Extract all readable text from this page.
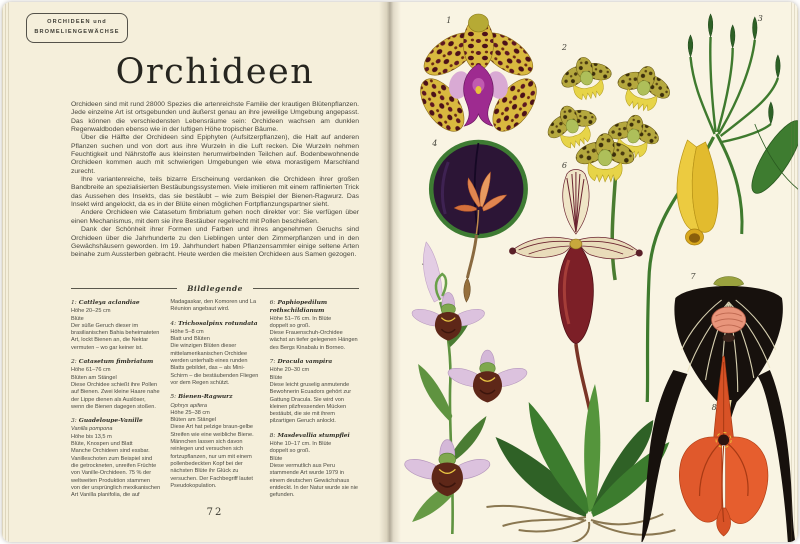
ORCHIDEEN und
BROMELIENGEWÄCHSE
Orchideen

Orchideen sind mit rund 28000 Spezies die artenreichste Familie der krautigen Blütenpflanzen. Jede einzelne Art ist ortsgebunden und äußerst genau an ihre jeweilige Umgebung angepasst. Das können die verschiedensten Lebensräume sein: Orchideen wachsen am dunklen Regenwaldboden ebenso wie in der luftigen Höhe tropischer Bäume.

Über die Hälfte der Orchideen sind Epiphyten (Aufsitzerpflanzen), die Halt auf anderen Pflanzen suchen und von dort aus ihre Wurzeln in die Luft recken. Die Wurzeln nehmen Feuchtigkeit und Nährstoffe aus kleinsten herumwirbelnden Teilchen auf. Bodenbewohnende Orchideen kommen auch mit schwierigen Umgebungen wie etwa morastigem Marschland zurecht.

Ihre variantenreiche, teils bizarre Erscheinung verdanken die Orchideen ihrer großen Bandbreite an spezialisierten Bestäubungssystemen. Viele imitieren mit einem raffinierten Trick das Aussehen des Insekts, das sie bestäubt – wie zum Beispiel der Bienen-Ragwurz. Das Insekt wird angelockt, da es in der Blüte einen möglichen Fortpflanzungspartner sieht.

Andere Orchideen wie Catasetum fimbriatum gehen noch direkter vor: Sie verfügen über einen Mechanismus, mit dem sie ihre Bestäuber regelrecht mit Pollen beschießen.

Dank der Schönheit ihrer Formen und Farben und ihres angenehmen Geruchs sind Orchideen über die Jahrhunderte zu den Lieblingen unter den Zimmerpflanzen und in den Gewächshäusern geworden. Im 19. Jahrhundert haben Pflanzensammler einige seltene Arten beinahe zum Aussterben gebracht. Heute werden die meisten Orchideen aus Samen gezogen.

Bildlegende
1: Cattleya aclandiae
Höhe 20–25 cm
Blüte
Der süße Geruch dieser im brasilianischen Bahia beheimateten Art, lockt Bienen an, die Nektar vermuten – wo gar keiner ist.
2: Catasetum fimbriatum
Höhe 61–76 cm
Blüten am Stängel
Diese Orchidee schießt ihre Pollen auf Bienen. Zwei kleine Haare nahe der Lippe dienen als Auslöser, wenn die Bienen dagegen stoßen.
3: Guadeloupe-Vanille
Vanilla pompona
Höhe bis 13,5 m
Blüte, Knospen und Blatt
Manche Orchideen sind essbar. Vanilleschoten zum Beispiel sind die getrockneten, unreifen Früchte von Vanille-Orchideen. 75 % der weltweiten Produktion stammen von der ursprünglich mexikanischen Art Vanilla planifolia, die auf Madagaskar, den Komoren und La Réunion angebaut wird.
4: Trichosalpinx rotundata
Höhe 5–8 cm
Blatt und Blüten
Die winzigen Blüten dieser mittelamerikanischen Orchidee werden unterhalb eines runden Blatts gebildet, das – als Mini-Schirm – die bestäubenden Fliegen vor dem Regen schützt.
5: Bienen-Ragwurz
Ophrys apifera
Höhe 25–38 cm
Blüten am Stängel
Diese Art hat pelzige braun-gelbe Streifen wie eine weibliche Biene. Männchen lassen sich davon reinlegen und versuchen sich fortzupflanzen, nur um mit einem pollenbedeckten Kopf bei der nächsten Blüte ihr Glück zu versuchen. Der Fachbegriff lautet Pseudokopulation.
6: Paphiopedilum rothschildianum
Höhe 51–76 cm. In Blüte
doppelt so groß.
Diese Frauenschuh-Orchidee wächst an tiefer gelegenen Hängen des Bergs Kinabalu in Borneo.
7: Dracula vampira
Höhe 20–30 cm
Blüte
Diese leicht gruselig anmutende Bewohnerin Ecuadors gehört zur Gattung Dracula. Sie wird von kleinen pilzfressenden Mücken bestäubt, die sie mit ihrem pilzartigen Geruch anlockt.
8: Masdevallia stumpflei
Höhe 10–17 cm. In Blüte
doppelt so groß.
Blüte
Diese vermutlich aus Peru stammende Art wurde 1979 in einem deutschen Gewächshaus entdeckt. In der Natur wurde sie nie gefunden.
72
1
2
3
4
6
7
8
